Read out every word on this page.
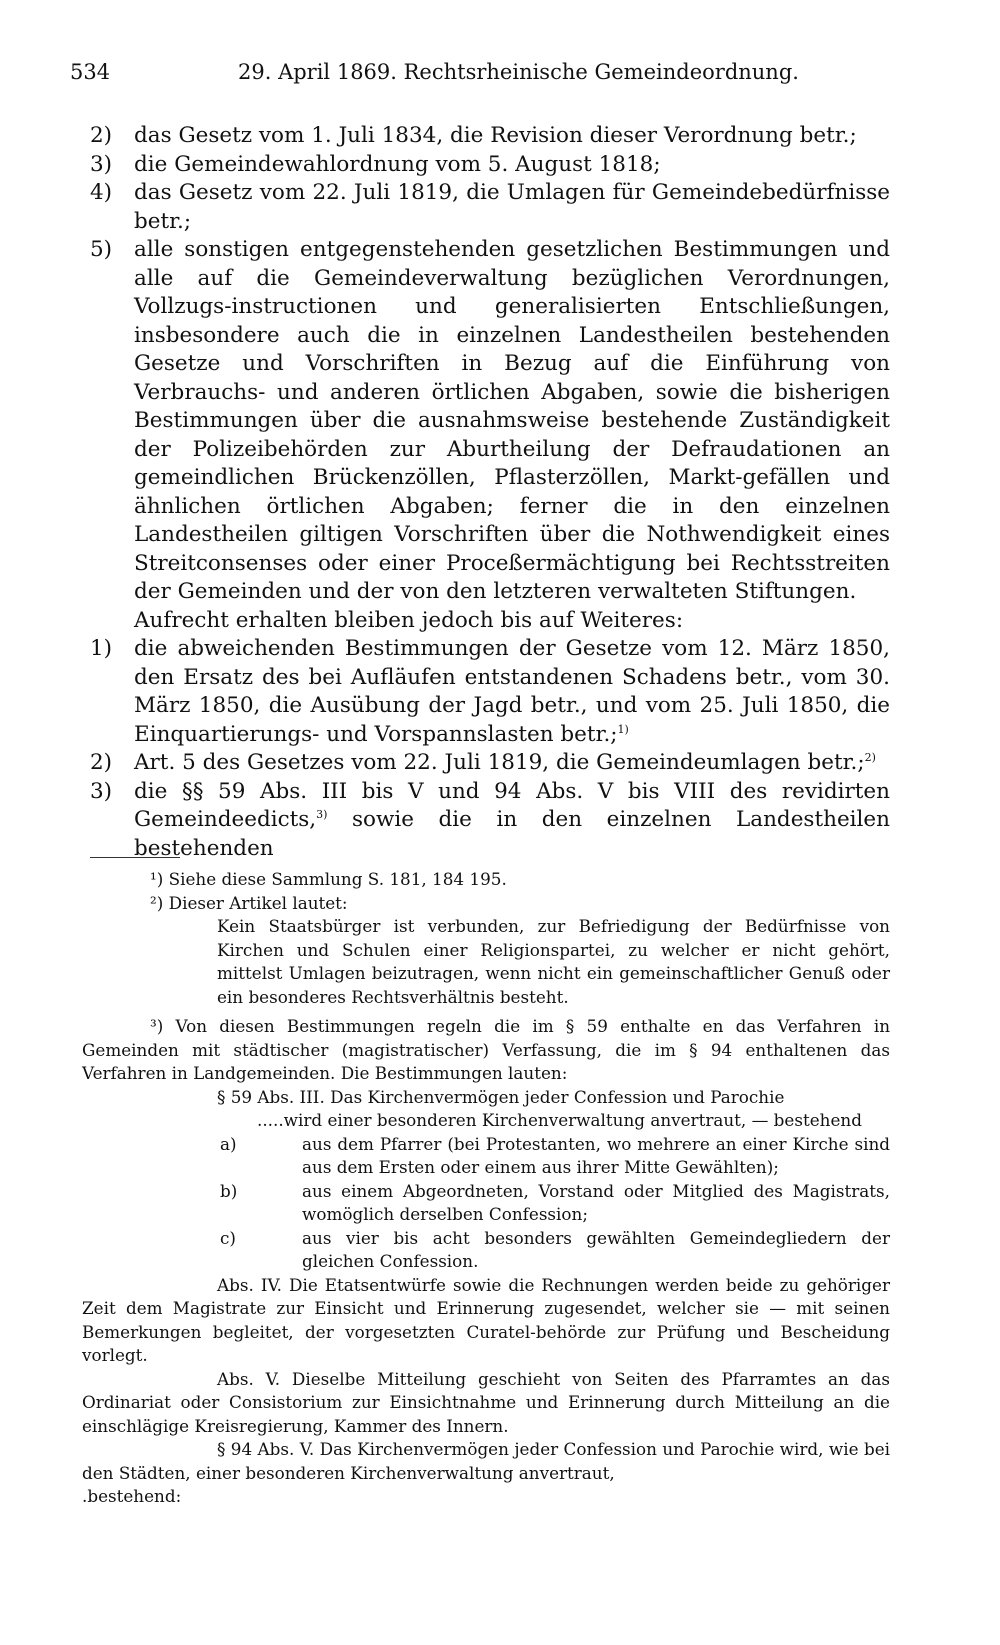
534	29. April 1869. Rechtsrheinische Gemeindeordnung.
2) das Gesetz vom 1. Juli 1834, die Revision dieser Verordnung betr.;
3) die Gemeindewahlordnung vom 5. August 1818;
4) das Gesetz vom 22. Juli 1819, die Umlagen für Gemeindebedürfnisse betr.;
5) alle sonstigen entgegenstehenden gesetzlichen Bestimmungen und alle auf die Gemeindeverwaltung bezüglichen Verordnungen, Vollzugs-instructionen und generalisierten Entschließungen, insbesondere auch die in einzelnen Landestheilen bestehenden Gesetze und Vorschriften in Bezug auf die Einführung von Verbrauchs- und anderen örtlichen Abgaben, sowie die bisherigen Bestimmungen über die ausnahmsweise bestehende Zuständigkeit der Polizeibehörden zur Aburtheilung der Defraudationen an gemeindlichen Brückenzöllen, Pflasterzöllen, Markt-gefällen und ähnlichen örtlichen Abgaben; ferner die in den einzelnen Landestheilen giltigen Vorschriften über die Nothwendigkeit eines Streitconsenses oder einer Proceßermächtigung bei Rechtsstreiten der Gemeinden und der von den letzteren verwalteten Stiftungen.

Aufrecht erhalten bleiben jedoch bis auf Weiteres:

1) die abweichenden Bestimmungen der Gesetze vom 12. März 1850, den Ersatz des bei Aufläufen entstandenen Schadens betr., vom 30. März 1850, die Ausübung der Jagd betr., und vom 25. Juli 1850, die Einquartierungs- und Vorspannslasten betr.;$^{1)}$
2) Art. 5 des Gesetzes vom 22. Juli 1819, die Gemeindeumlagen betr.;$^{2)}$
3) die §§ 59 Abs. III bis V und 94 Abs. V bis VIII des revidirten Gemeindeedicts,$^{3)}$ sowie die in den einzelnen Landestheilen bestehenden

¹) Siehe diese Sammlung S. 181, 184 195.

²) Dieser Artikel lautet:

Kein Staatsbürger ist verbunden, zur Befriedigung der Bedürfnisse von Kirchen und Schulen einer Religionspartei, zu welcher er nicht gehört, mittelst Umlagen beizutragen, wenn nicht ein gemeinschaftlicher Genuß oder ein besonderes Rechtsverhältnis besteht.

³) Von diesen Bestimmungen regeln die im § 59 enthalte en das Verfahren in Gemeinden mit städtischer (magistratischer) Verfassung, die im § 94 enthaltenen das Verfahren in Landgemeinden. Die Bestimmungen lauten:

§ 59 Abs. III. Das Kirchenvermögen jeder Confession und Parochie

.....wird einer besonderen Kirchenverwaltung anvertraut, — bestehend

a)	aus dem Pfarrer (bei Protestanten, wo mehrere an einer Kirche sind aus dem Ersten oder einem aus ihrer Mitte Gewählten);
b)	aus einem Abgeordneten, Vorstand oder Mitglied des Magistrats, womöglich derselben Confession;
c)	aus vier bis acht besonders gewählten Gemeindegliedern der gleichen Confession.

Abs. IV. Die Etatsentwürfe sowie die Rechnungen werden beide zu gehöriger Zeit dem Magistrate zur Einsicht und Erinnerung zugesendet, welcher sie — mit seinen Bemerkungen begleitet, der vorgesetzten Curatel-behörde zur Prüfung und Bescheidung vorlegt.

Abs. V. Dieselbe Mitteilung geschieht von Seiten des Pfarramtes an das Ordinariat oder Consistorium zur Einsichtnahme und Erinnerung durch Mitteilung an die einschlägige Kreisregierung, Kammer des Innern.

§ 94 Abs. V. Das Kirchenvermögen jeder Confession und Parochie wird, wie bei den Städten, einer besonderen Kirchenverwaltung anvertraut,

.bestehend:
